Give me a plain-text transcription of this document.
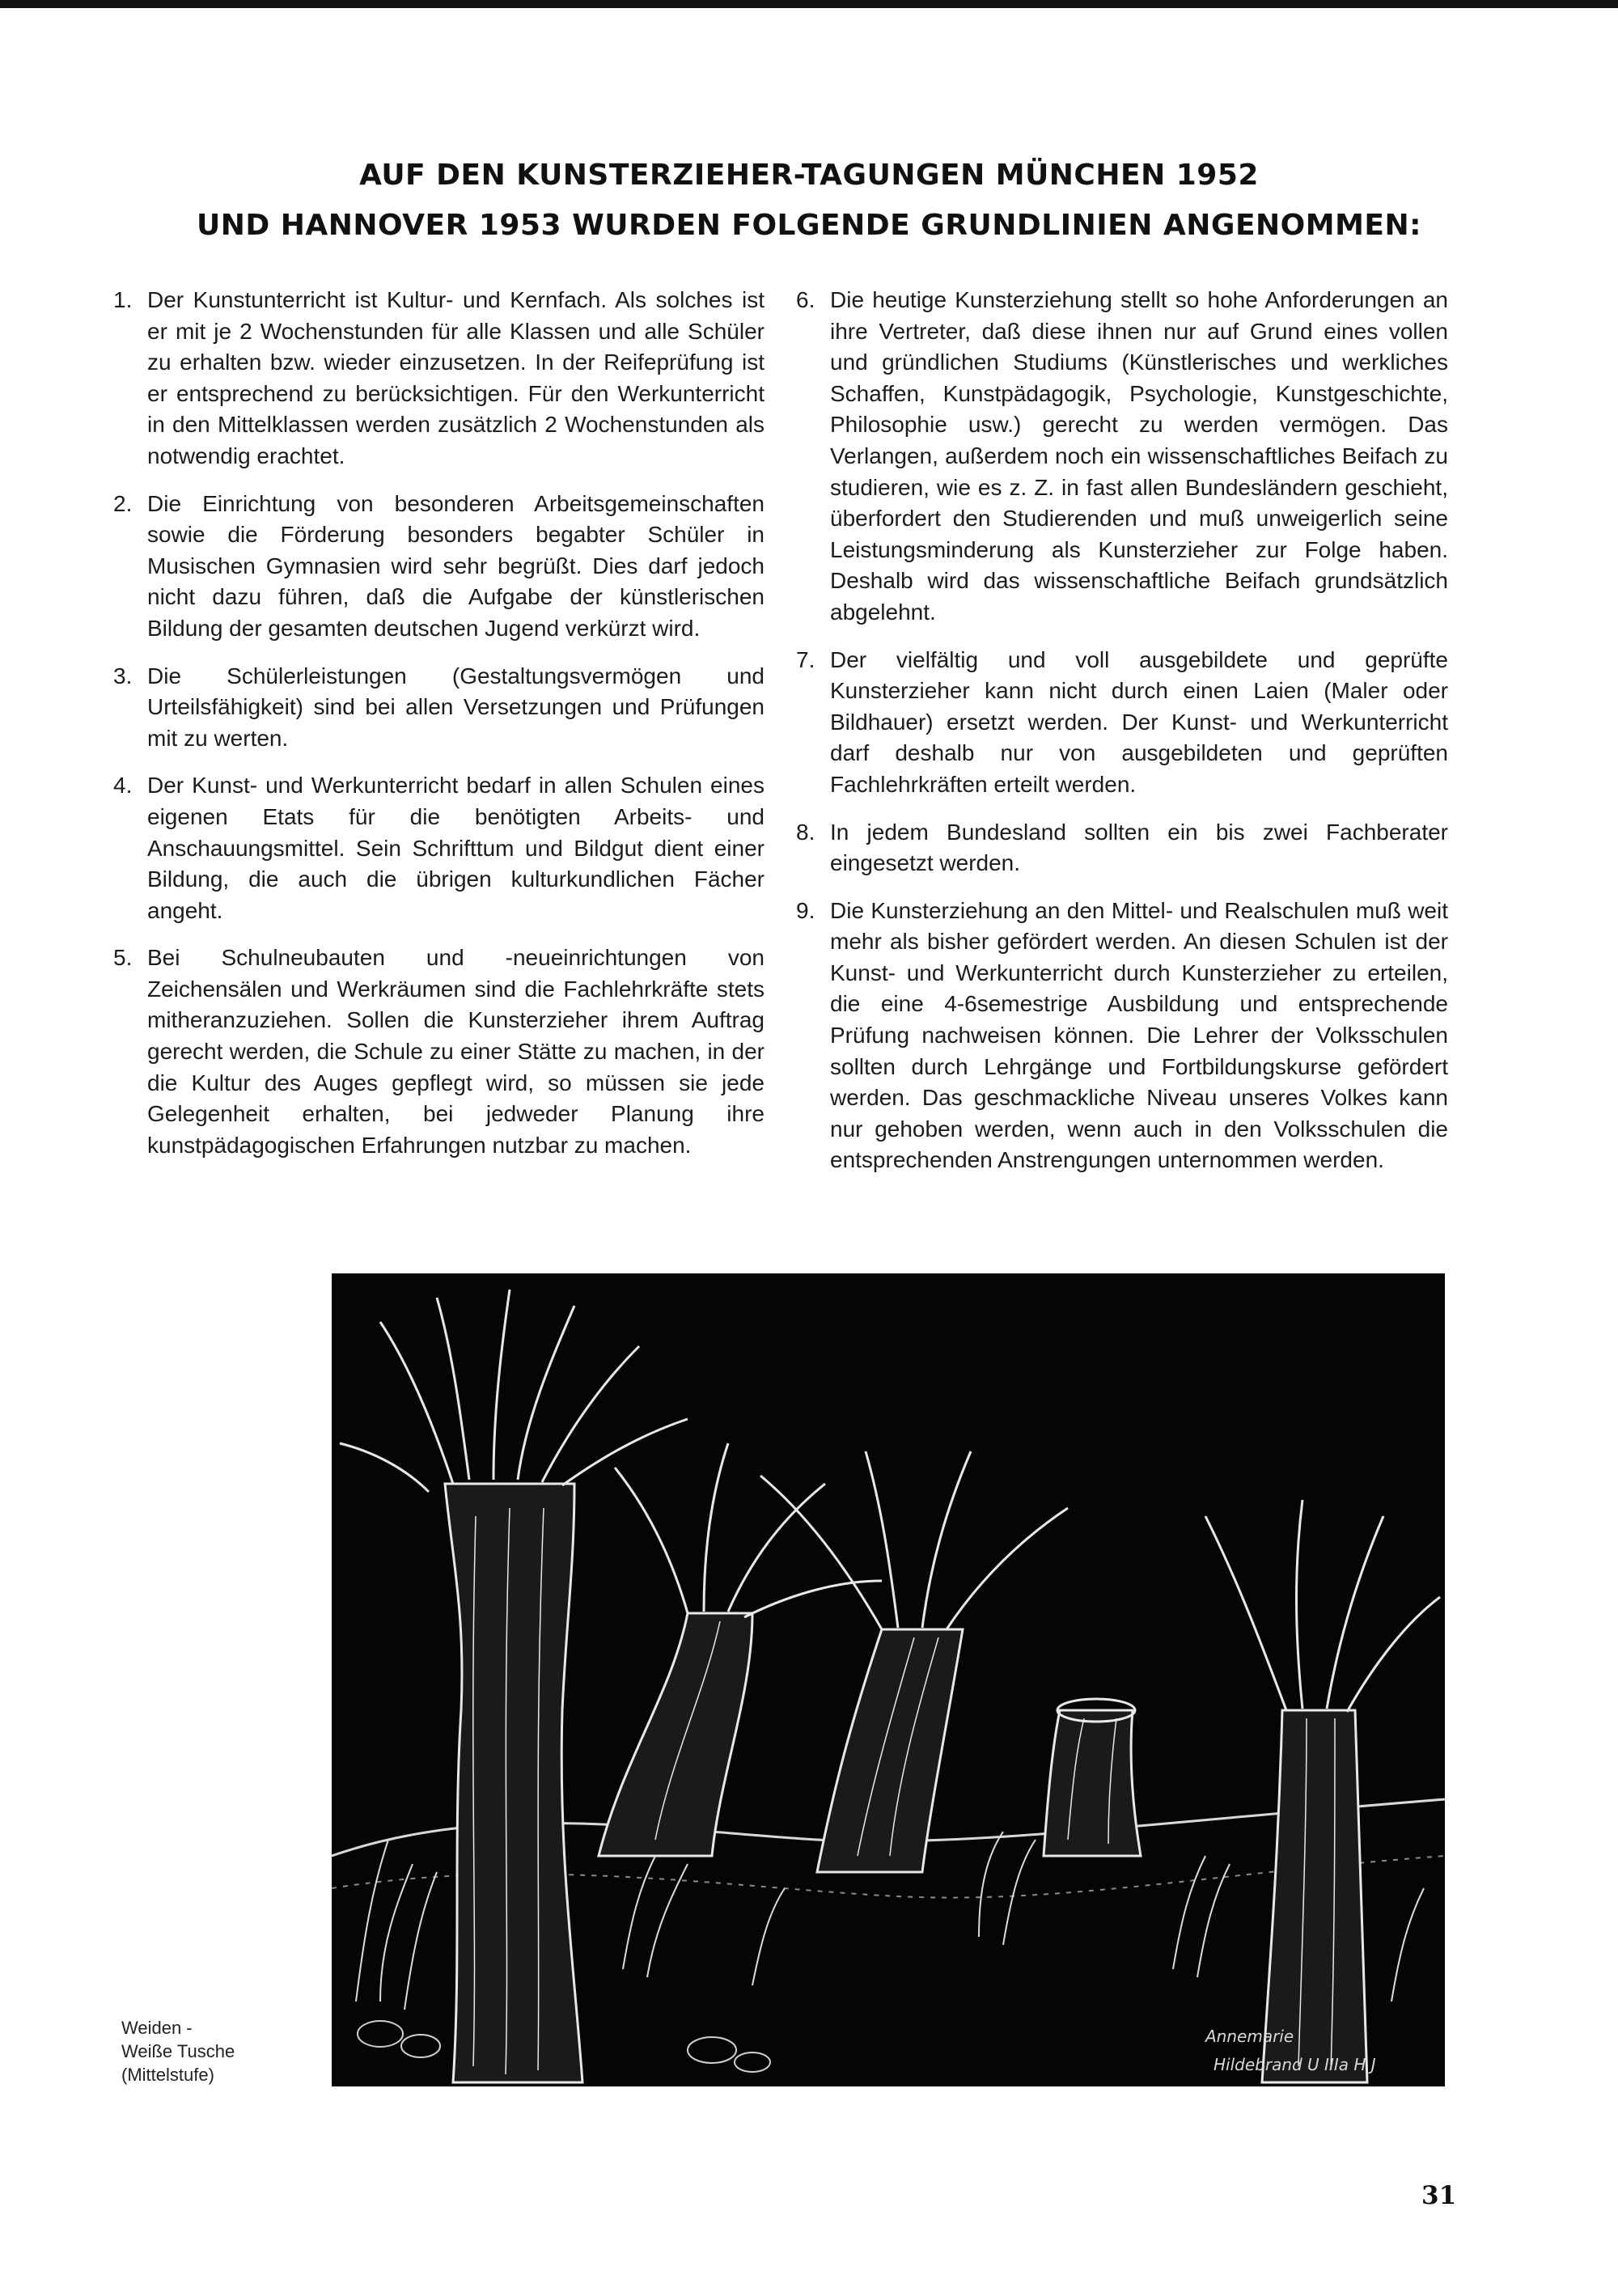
AUF DEN KUNSTERZIEHER-TAGUNGEN MÜNCHEN 1952
UND HANNOVER 1953 WURDEN FOLGENDE GRUNDLINIEN ANGENOMMEN:

1. Der Kunstunterricht ist Kultur- und Kernfach. Als solches ist er mit je 2 Wochenstunden für alle Klassen und alle Schüler zu erhalten bzw. wieder einzusetzen. In der Reifeprüfung ist er entsprechend zu berücksichtigen. Für den Werkunterricht in den Mittelklassen werden zusätzlich 2 Wochenstunden als notwendig erachtet.

2. Die Einrichtung von besonderen Arbeitsgemeinschaften sowie die Förderung besonders begabter Schüler in Musischen Gymnasien wird sehr begrüßt. Dies darf jedoch nicht dazu führen, daß die Aufgabe der künstlerischen Bildung der gesamten deutschen Jugend verkürzt wird.

3. Die Schülerleistungen (Gestaltungsvermögen und Urteilsfähigkeit) sind bei allen Versetzungen und Prüfungen mit zu werten.

4. Der Kunst- und Werkunterricht bedarf in allen Schulen eines eigenen Etats für die benötigten Arbeits- und Anschauungsmittel. Sein Schrifttum und Bildgut dient einer Bildung, die auch die übrigen kulturkundlichen Fächer angeht.

5. Bei Schulneubauten und -neueinrichtungen von Zeichensälen und Werkräumen sind die Fachlehrkräfte stets mitheranzuziehen. Sollen die Kunsterzieher ihrem Auftrag gerecht werden, die Schule zu einer Stätte zu machen, in der die Kultur des Auges gepflegt wird, so müssen sie jede Gelegenheit erhalten, bei jedweder Planung ihre kunstpädagogischen Erfahrungen nutzbar zu machen.

6. Die heutige Kunsterziehung stellt so hohe Anforderungen an ihre Vertreter, daß diese ihnen nur auf Grund eines vollen und gründlichen Studiums (Künstlerisches und werkliches Schaffen, Kunstpädagogik, Psychologie, Kunstgeschichte, Philosophie usw.) gerecht zu werden vermögen. Das Verlangen, außerdem noch ein wissenschaftliches Beifach zu studieren, wie es z. Z. in fast allen Bundesländern geschieht, überfordert den Studierenden und muß unweigerlich seine Leistungsminderung als Kunsterzieher zur Folge haben. Deshalb wird das wissenschaftliche Beifach grundsätzlich abgelehnt.

7. Der vielfältig und voll ausgebildete und geprüfte Kunsterzieher kann nicht durch einen Laien (Maler oder Bildhauer) ersetzt werden. Der Kunst- und Werkunterricht darf deshalb nur von ausgebildeten und geprüften Fachlehrkräften erteilt werden.

8. In jedem Bundesland sollten ein bis zwei Fachberater eingesetzt werden.

9. Die Kunsterziehung an den Mittel- und Realschulen muß weit mehr als bisher gefördert werden. An diesen Schulen ist der Kunst- und Werkunterricht durch Kunsterzieher zu erteilen, die eine 4-6semestrige Ausbildung und entsprechende Prüfung nachweisen können. Die Lehrer der Volksschulen sollten durch Lehrgänge und Fortbildungskurse gefördert werden. Das geschmackliche Niveau unseres Volkes kann nur gehoben werden, wenn auch in den Volksschulen die entsprechenden Anstrengungen unternommen werden.

Annemarie
Hildebrand U IIIa H J
Weiden -
Weiße Tusche
(Mittelstufe)
31
